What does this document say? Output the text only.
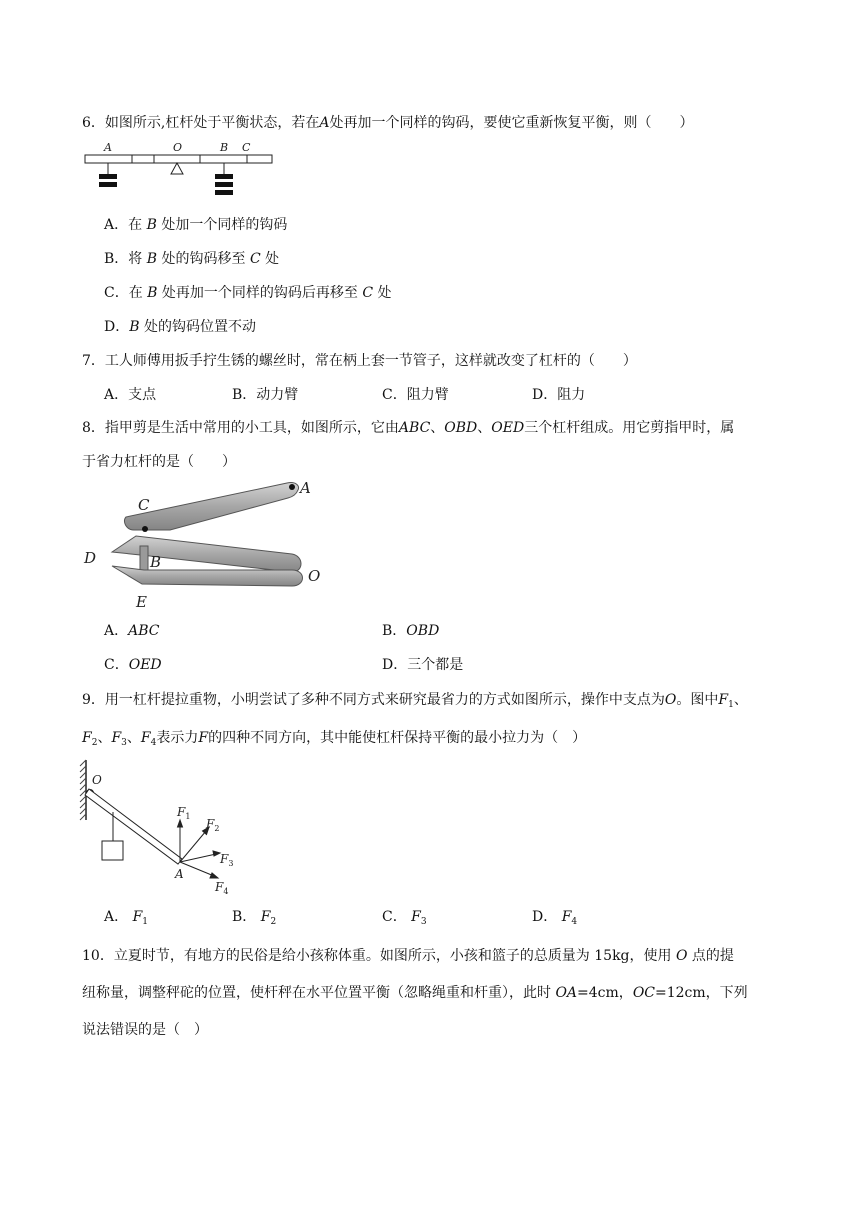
6．如图所示,杠杆处于平衡状态，若在A处再加一个同样的钩码，要使它重新恢复平衡，则（　　）
A	O	B C
A．在 B 处加一个同样的钩码
B．将 B 处的钩码移至 C 处
C．在 B 处再加一个同样的钩码后再移至 C 处
D．B 处的钩码位置不动
7．工人师傅用扳手拧生锈的螺丝时，常在柄上套一节管子，这样就改变了杠杆的（　　）
A．支点	B．动力臂	C．阻力臂	D．阻力
8．指甲剪是生活中常用的小工具，如图所示，它由ABC、OBD、OED三个杠杆组成。用它剪指甲时，属
于省力杠杆的是（　　）
A
C
D	B
O
E
A．ABC	B．OBD
C．OED	D．三个都是
9．用一杠杆提拉重物，小明尝试了多种不同方式来研究最省力的方式如图所示，操作中支点为O。图中$F_1$、
$F_2$、$F_3$、$F_4$表示力F的四种不同方向，其中能使杠杆保持平衡的最小拉力为（　）
O
A
$F_1$
$F_2$
$F_3$
$F_4$
A． $F_1$	B． $F_2$	C． $F_3$	D． $F_4$
10．立夏时节，有地方的民俗是给小孩称体重。如图所示，小孩和篮子的总质量为 15kg，使用 O 点的提
纽称量，调整秤砣的位置，使杆秤在水平位置平衡（忽略绳重和杆重），此时 OA=4cm，OC=12cm，下列
说法错误的是（　）
